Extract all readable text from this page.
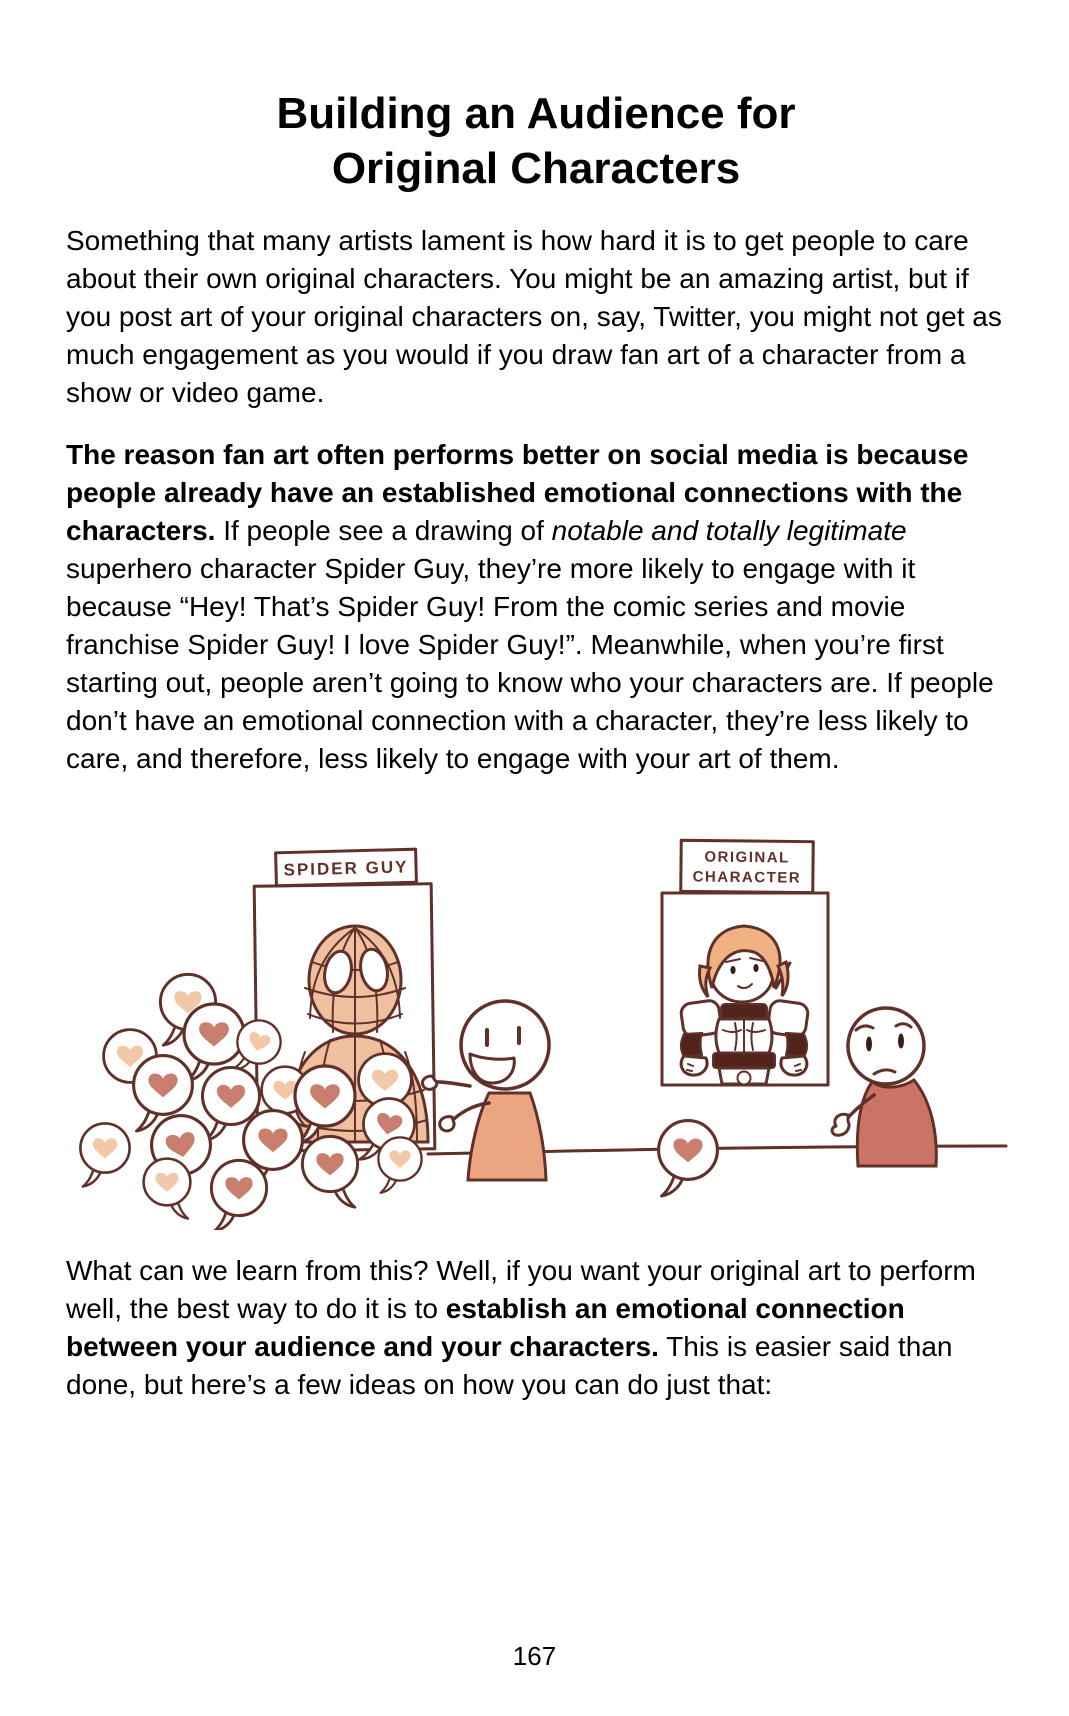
Building an Audience for
Original Characters

Something that many artists lament is how hard it is to get people to care about their own original characters. You might be an amazing artist, but if you post art of your original characters on, say, Twitter, you might not get as much engagement as you would if you draw fan art of a character from a show or video game.

The reason fan art often performs better on social media is because people already have an established emotional connections with the characters. If people see a drawing of notable and totally legitimate superhero character Spider Guy, they’re more likely to engage with it because “Hey! That’s Spider Guy! From the comic series and movie franchise Spider Guy! I love Spider Guy!”. Meanwhile, when you’re first starting out, people aren’t going to know who your characters are. If people don’t have an emotional connection with a character, they’re less likely to care, and therefore, less likely to engage with your art of them.

SPIDER GUY	ORIGINAL
CHARACTER

What can we learn from this? Well, if you want your original art to perform well, the best way to do it is to establish an emotional connection between your audience and your characters. This is easier said than done, but here’s a few ideas on how you can do just that:

167
